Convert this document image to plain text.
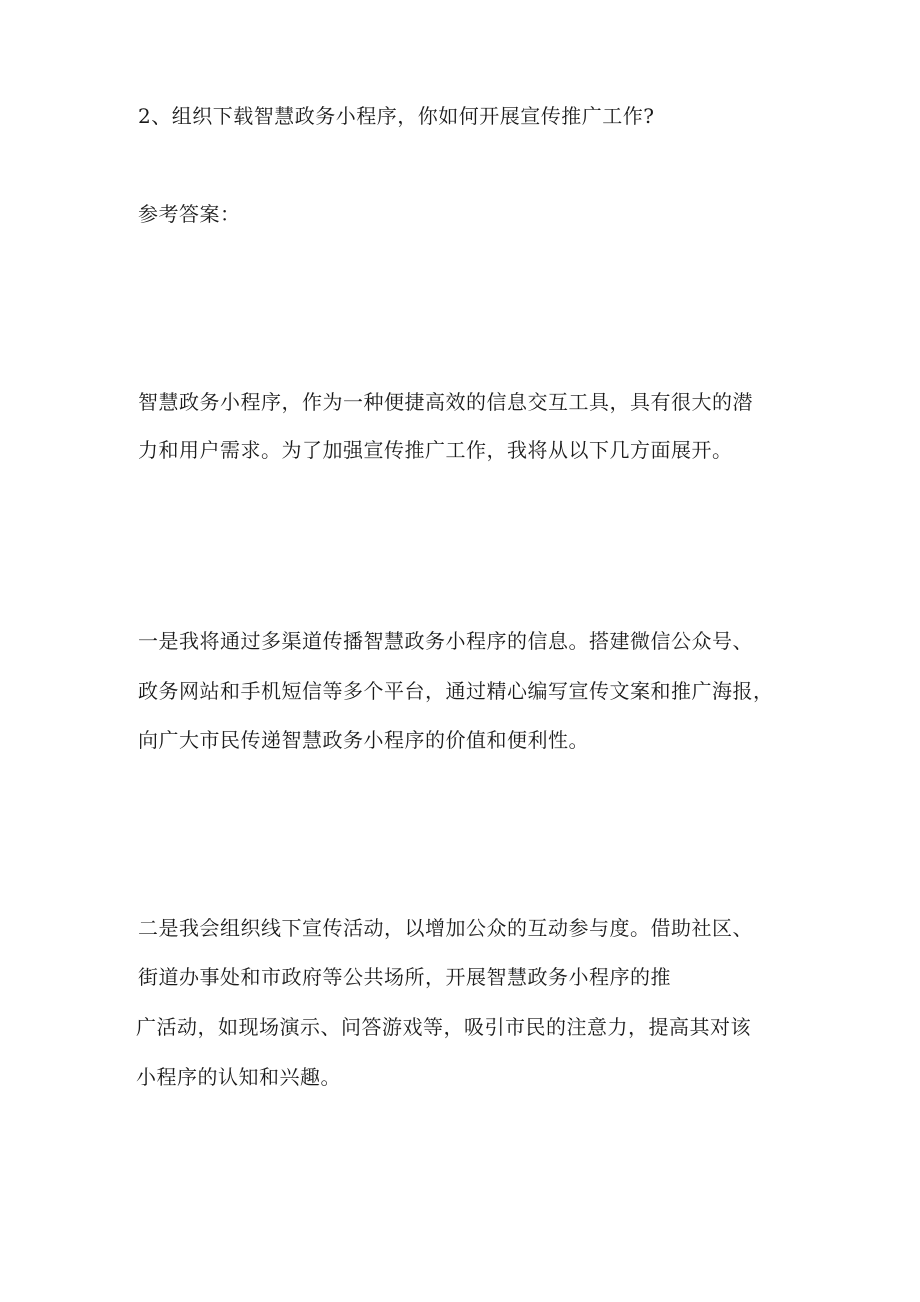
2、组织下载智慧政务小程序，你如何开展宣传推广工作?
参考答案：
智慧政务小程序，作为一种便捷高效的信息交互工具，具有很大的潜
力和用户需求。为了加强宣传推广工作，我将从以下几方面展开。
一是我将通过多渠道传播智慧政务小程序的信息。搭建微信公众号、
政务网站和手机短信等多个平台，通过精心编写宣传文案和推广海报，
向广大市民传递智慧政务小程序的价值和便利性。
二是我会组织线下宣传活动，以增加公众的互动参与度。借助社区、
街道办事处和市政府等公共场所，开展智慧政务小程序的推
广活动，如现场演示、问答游戏等，吸引市民的注意力，提高其对该
小程序的认知和兴趣。
